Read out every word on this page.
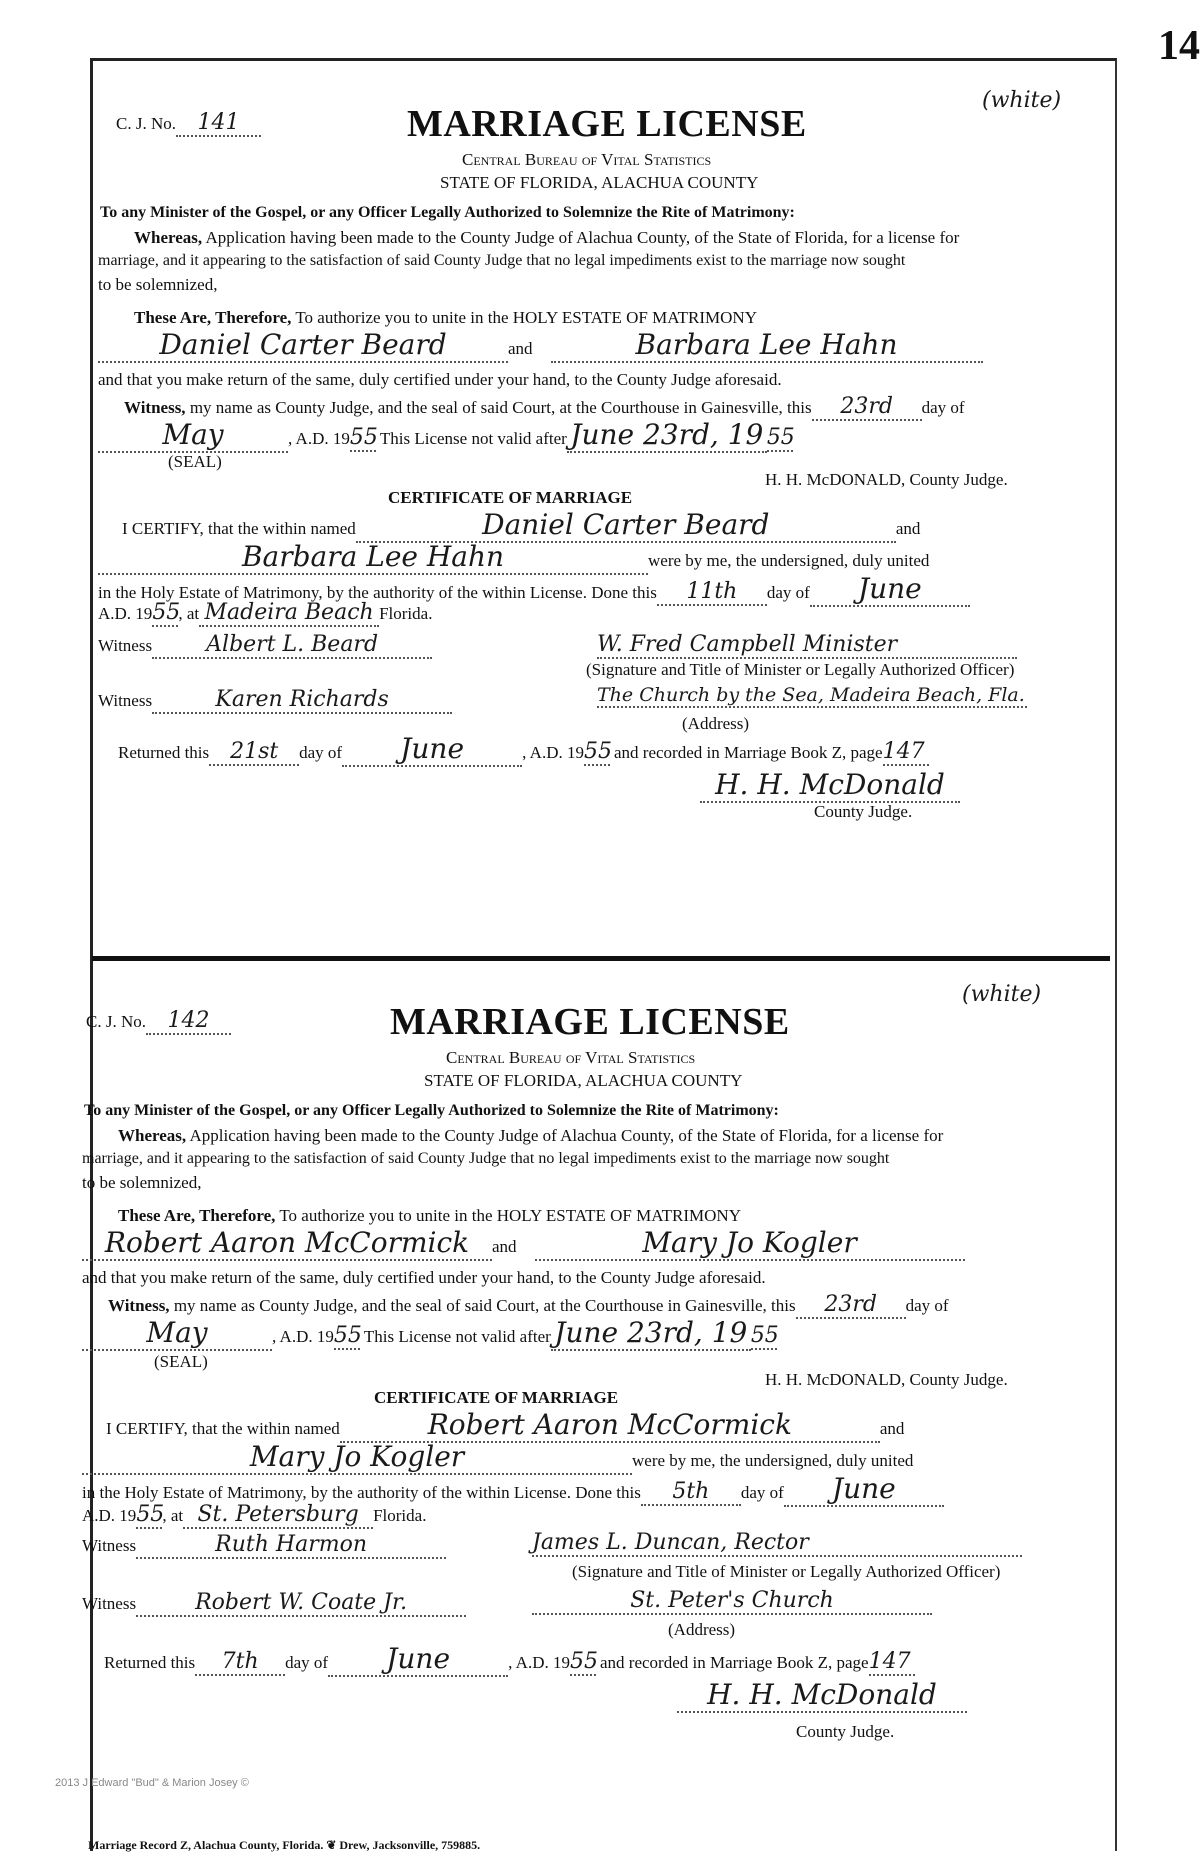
14
C. J. No. 141	MARRIAGE LICENSE
(white)
Central Bureau of Vital Statistics
STATE OF FLORIDA, ALACHUA COUNTY
To any Minister of the Gospel, or any Officer Legally Authorized to Solemnize the Rite of Matrimony:
Whereas, Application having been made to the County Judge of Alachua County, of the State of Florida, for a license for
marriage, and it appearing to the satisfaction of said County Judge that no legal impediments exist to the marriage now sought
to be solemnized,
These Are, Therefore, To authorize you to unite in the HOLY ESTATE OF MATRIMONY
Daniel Carter Beard	and	Barbara Lee Hahn
and that you make return of the same, duly certified under your hand, to the County Judge aforesaid.
Witness, my name as County Judge, and the seal of said Court, at the Courthouse in Gainesville, this 23rd day of
May	, A.D. 1955 This License not valid after June 23rd, 19 55
(SEAL)
H. H. McDONALD, County Judge.
CERTIFICATE OF MARRIAGE
I CERTIFY, that the within named	Daniel Carter Beard	and
Barbara Lee Hahn	were by me, the undersigned, duly united
in the Holy Estate of Matrimony, by the authority of the within License. Done this 11th day of June
A.D. 1955, at Madeira Beach Florida.
Witness Albert L. Beard	W. Fred Campbell Minister
(Signature and Title of Minister or Legally Authorized Officer)
Witness	Karen Richards	The Church by the Sea, Madeira Beach, Fla.
(Address)
Returned this 21st day of June	, A.D. 1955 and recorded in Marriage Book Z, page147
H. H. McDonald
County Judge.
C. J. No. 142	MARRIAGE LICENSE
(white)
Central Bureau of Vital Statistics
STATE OF FLORIDA, ALACHUA COUNTY
To any Minister of the Gospel, or any Officer Legally Authorized to Solemnize the Rite of Matrimony:
Whereas, Application having been made to the County Judge of Alachua County, of the State of Florida, for a license for
marriage, and it appearing to the satisfaction of said County Judge that no legal impediments exist to the marriage now sought
to be solemnized,
These Are, Therefore, To authorize you to unite in the HOLY ESTATE OF MATRIMONY
Robert Aaron McCormick and	Mary Jo Kogler
and that you make return of the same, duly certified under your hand, to the County Judge aforesaid.
Witness, my name as County Judge, and the seal of said Court, at the Courthouse in Gainesville, this 23rd day of
May	, A.D. 1955 This License not valid after June 23rd, 19 55
(SEAL)
H. H. McDONALD, County Judge.
CERTIFICATE OF MARRIAGE
I CERTIFY, that the within named	Robert Aaron McCormick	and
Mary Jo Kogler	were by me, the undersigned, duly united
in the Holy Estate of Matrimony, by the authority of the within License. Done this 5th day of June
A.D. 1955, at St. Petersburg Florida.
Witness	Ruth Harmon	James L. Duncan, Rector
(Signature and Title of Minister or Legally Authorized Officer)
Witness	Robert W. Coate Jr.	St. Peter's Church
(Address)
Returned this 7th day of June	, A.D. 1955 and recorded in Marriage Book Z, page147
H. H. McDonald
County Judge.
2013 J Edward "Bud" & Marion Josey ©
Marriage Record Z, Alachua County, Florida. ❦ Drew, Jacksonville, 759885.
